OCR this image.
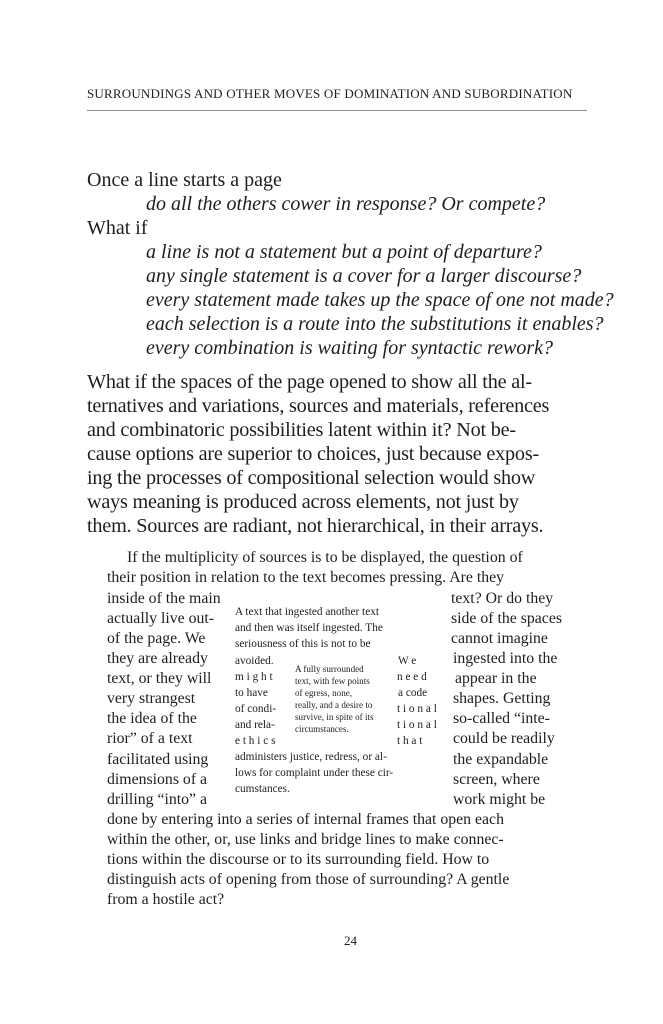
SURROUNDINGS AND OTHER MOVES OF DOMINATION AND SUBORDINATION
Once a line starts a page
do all the others cower in response? Or compete?
What if
a line is not a statement but a point of departure?
any single statement is a cover for a larger discourse?
every statement made takes up the space of one not made?
each selection is a route into the substitutions it enables?
every combination is waiting for syntactic rework?
What if the spaces of the page opened to show all the al-
ternatives and variations, sources and materials, references
and combinatoric possibilities latent within it? Not be-
cause options are superior to choices, just because expos-
ing the processes of compositional selection would show
ways meaning is produced across elements, not just by
them. Sources are radiant, not hierarchical, in their arrays.
If the multiplicity of sources is to be displayed, the question of
their position in relation to the text becomes pressing. Are they
inside of the main
actually live out-
of the page. We
they are already
text, or they will
very strangest
the idea of the
rior” of a text
facilitated using
dimensions of a
drilling “into” a
text? Or do they
side of the spaces
cannot imagine
ingested into the
appear in the
shapes. Getting
so-called “inte-
could be readily
the expandable
screen, where
work might be
A text that ingested another text
and then was itself ingested. The
seriousness of this is not to be
avoided.
m i g h t
to have
of condi-
and rela-
e t h i c s
W e
n e e d
a code
t i o n a l
t i o n a l
t h a t
administers justice, redress, or al-
lows for complaint under these cir-
cumstances.
A fully surrounded
text, with few points
of egress, none,
really, and a desire to
survive, in spite of its
circumstances.
done by entering into a series of internal frames that open each
within the other, or, use links and bridge lines to make connec-
tions within the discourse or to its surrounding field. How to
distinguish acts of opening from those of surrounding? A gentle
from a hostile act?
24
